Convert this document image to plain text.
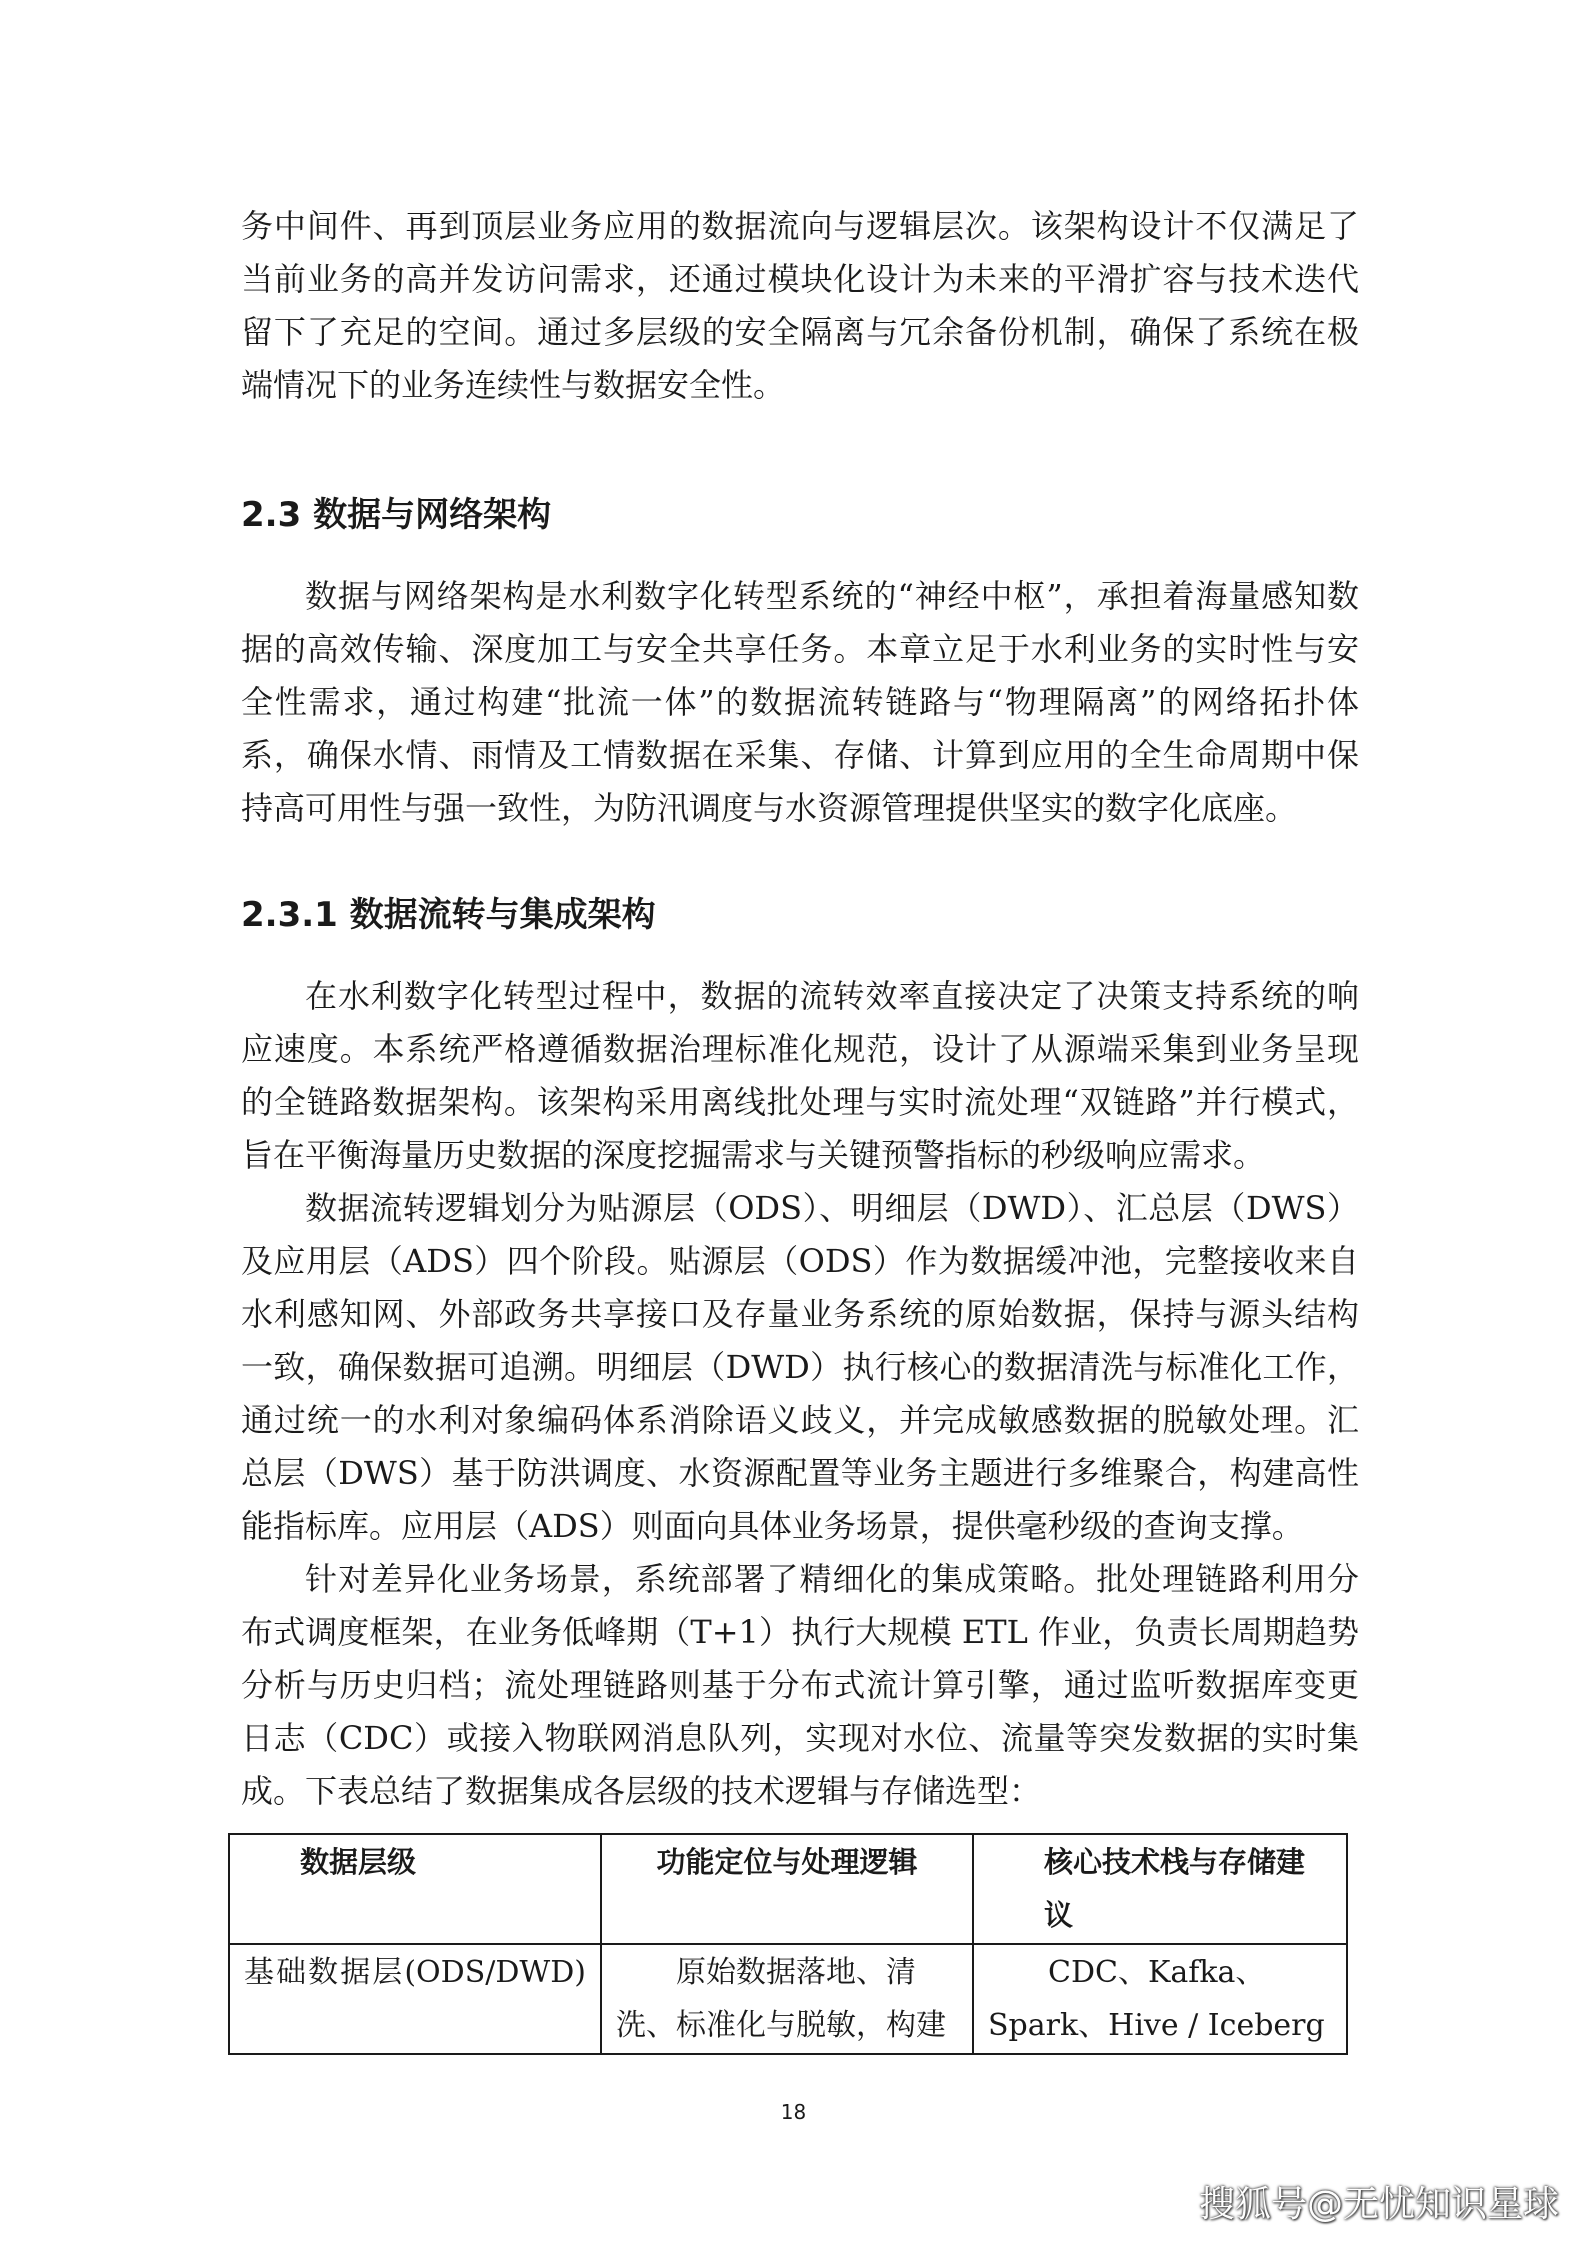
务中间件、再到顶层业务应用的数据流向与逻辑层次。该架构设计不仅满足了当前业务的高并发访问需求，还通过模块化设计为未来的平滑扩容与技术迭代留下了充足的空间。通过多层级的安全隔离与冗余备份机制，确保了系统在极端情况下的业务连续性与数据安全性。

2.3 数据与网络架构

数据与网络架构是水利数字化转型系统的“神经中枢”，承担着海量感知数据的高效传输、深度加工与安全共享任务。本章立足于水利业务的实时性与安全性需求，通过构建“批流一体”的数据流转链路与“物理隔离”的网络拓扑体系，确保水情、雨情及工情数据在采集、存储、计算到应用的全生命周期中保持高可用性与强一致性，为防汛调度与水资源管理提供坚实的数字化底座。

2.3.1 数据流转与集成架构

在水利数字化转型过程中，数据的流转效率直接决定了决策支持系统的响应速度。本系统严格遵循数据治理标准化规范，设计了从源端采集到业务呈现的全链路数据架构。该架构采用离线批处理与实时流处理“双链路”并行模式，旨在平衡海量历史数据的深度挖掘需求与关键预警指标的秒级响应需求。

数据流转逻辑划分为贴源层（ODS）、明细层（DWD）、汇总层（DWS）及应用层（ADS）四个阶段。贴源层（ODS）作为数据缓冲池，完整接收来自水利感知网、外部政务共享接口及存量业务系统的原始数据，保持与源头结构一致，确保数据可追溯。明细层（DWD）执行核心的数据清洗与标准化工作，通过统一的水利对象编码体系消除语义歧义，并完成敏感数据的脱敏处理。汇总层（DWS）基于防洪调度、水资源配置等业务主题进行多维聚合，构建高性能指标库。应用层（ADS）则面向具体业务场景，提供毫秒级的查询支撑。

针对差异化业务场景，系统部署了精细化的集成策略。批处理链路利用分布式调度框架，在业务低峰期（T+1）执行大规模 ETL 作业，负责长周期趋势分析与历史归档；流处理链路则基于分布式流计算引擎，通过监听数据库变更日志（CDC）或接入物联网消息队列，实现对水位、流量等突发数据的实时集成。 下表总结了数据集成各层级的技术逻辑与存储选型：

数据层级	功能定位与处理逻辑	核心技术栈与存储建议
基础数据层(ODS/DWD)	原始数据落地、清洗、标准化与脱敏，构建	CDC、Kafka、Spark、Hive / Iceberg
18
搜狐号@无忧知识星球
